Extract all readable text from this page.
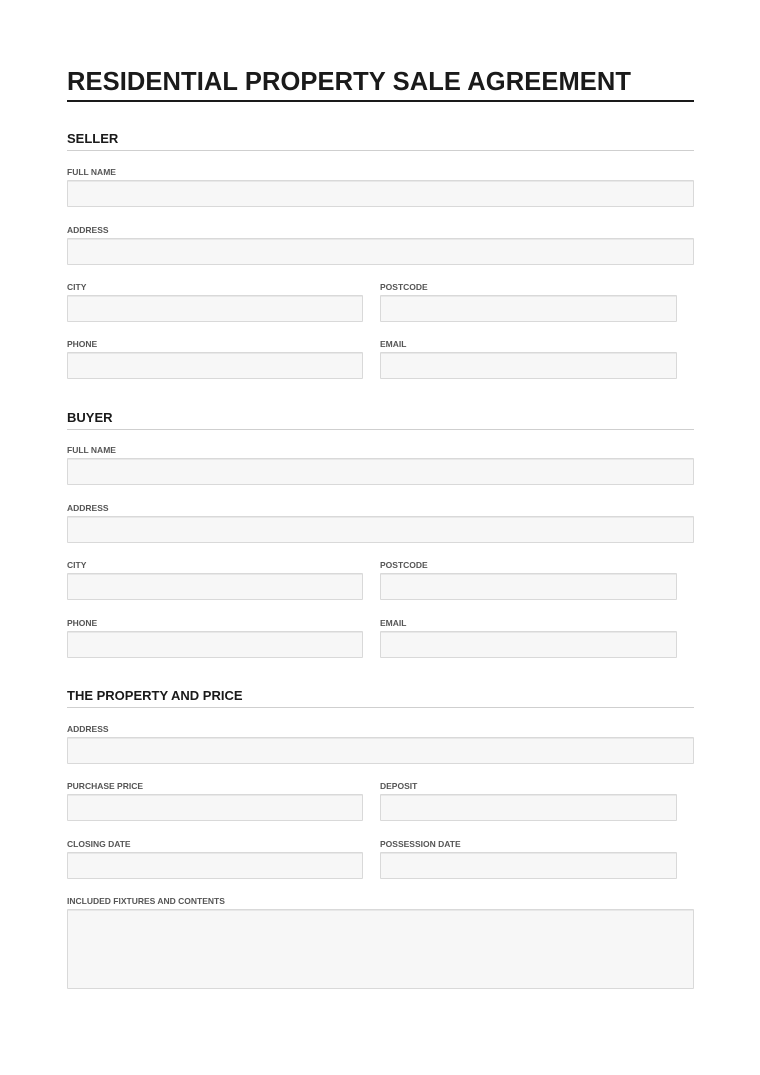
RESIDENTIAL PROPERTY SALE AGREEMENT
SELLER
FULL NAME
ADDRESS
CITY	POSTCODE
PHONE	EMAIL
BUYER
FULL NAME
ADDRESS
CITY	POSTCODE
PHONE	EMAIL
THE PROPERTY AND PRICE
ADDRESS
PURCHASE PRICE	DEPOSIT
CLOSING DATE	POSSESSION DATE
INCLUDED FIXTURES AND CONTENTS
